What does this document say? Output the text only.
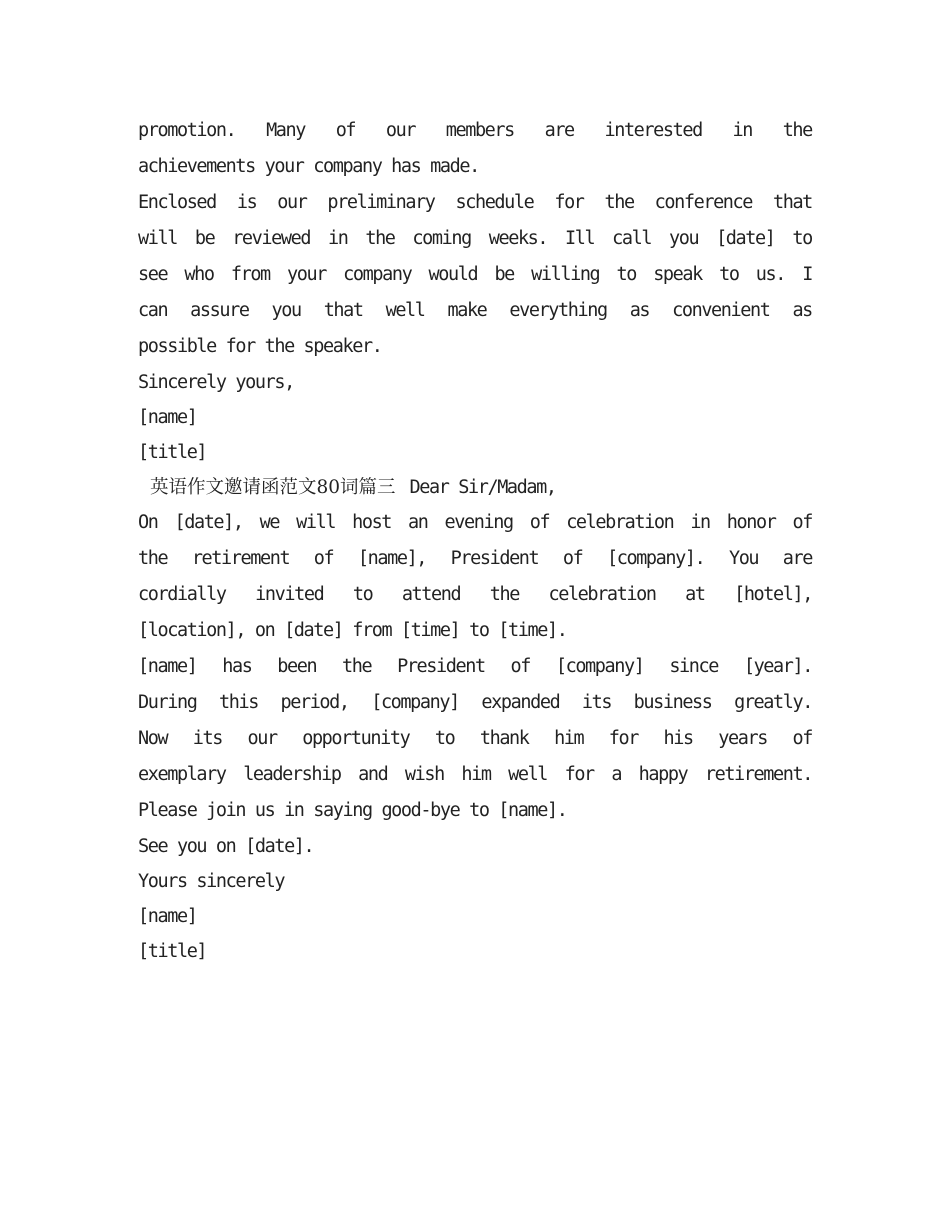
promotion. Many of our members are interested in the
achievements your company has made.
Enclosed is our preliminary schedule for the conference that
will be reviewed in the coming weeks. Ill call you [date] to
see who from your company would be willing to speak to us. I
can assure you that well make everything as convenient as
possible for the speaker.
Sincerely yours,
[name]
[title]
英语作文邀请函范文80词篇三 Dear Sir/Madam,
On [date], we will host an evening of celebration in honor of
the retirement of [name], President of [company]. You are
cordially invited to attend the celebration at [hotel],
[location], on [date] from [time] to [time].
[name] has been the President of [company] since [year].
During this period, [company] expanded its business greatly.
Now its our opportunity to thank him for his years of
exemplary leadership and wish him well for a happy retirement.
Please join us in saying good-bye to [name].
See you on [date].
Yours sincerely
[name]
[title]
